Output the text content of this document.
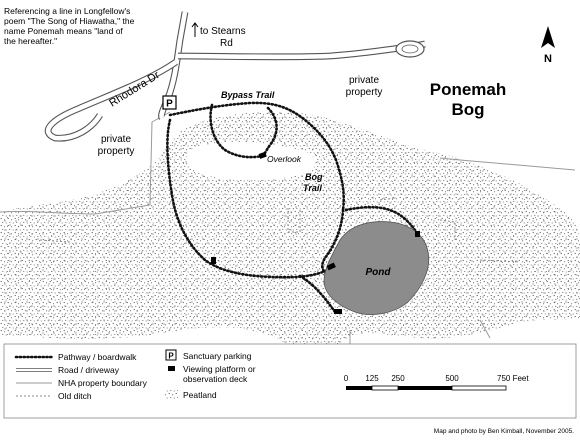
P
N
Ponemah
Bog
Referencing a line in Longfellow's
poem "The Song of Hiawatha," the
name Ponemah means "land of
the hereafter."
Rhodora Dr
to Stearns
Rd
private
property
private
property
Bypass Trail
Bog
Trail
Overlook
Pond
Pathway / boardwalk
Road / driveway
NHA property boundary
Old ditch
P Sanctuary parking
Viewing platform or
observation deck
Peatland
0 125 250	500	750 Feet
Map and photo by Ben Kimball, November 2005.
